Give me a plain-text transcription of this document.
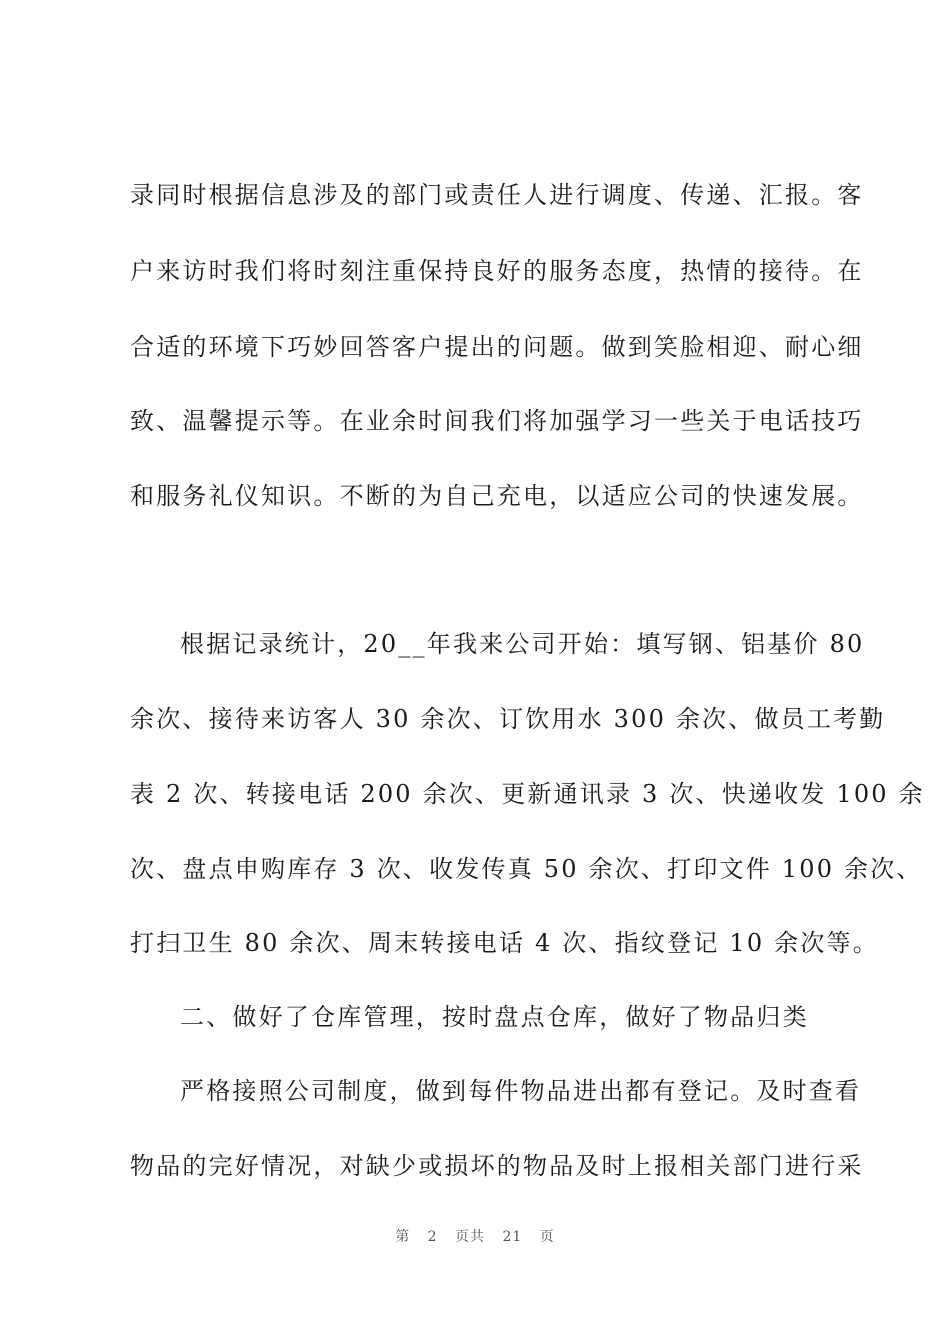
录同时根据信息涉及的部门或责任人进行调度、传递、汇报。客
户来访时我们将时刻注重保持良好的服务态度，热情的接待。在
合适的环境下巧妙回答客户提出的问题。做到笑脸相迎、耐心细
致、温馨提示等。在业余时间我们将加强学习一些关于电话技巧
和服务礼仪知识。不断的为自己充电，以适应公司的快速发展。
根据记录统计，20__年我来公司开始：填写钢、铝基价 80
余次、接待来访客人 30 余次、订饮用水 300 余次、做员工考勤
表 2 次、转接电话 200 余次、更新通讯录 3 次、快递收发 100 余
次、盘点申购库存 3 次、收发传真 50 余次、打印文件 100 余次、
打扫卫生 80 余次、周末转接电话 4 次、指纹登记 10 余次等。
二、做好了仓库管理，按时盘点仓库，做好了物品归类
严格接照公司制度，做到每件物品进出都有登记。及时查看
物品的完好情况，对缺少或损坏的物品及时上报相关部门进行采
第 2 页共 21 页
